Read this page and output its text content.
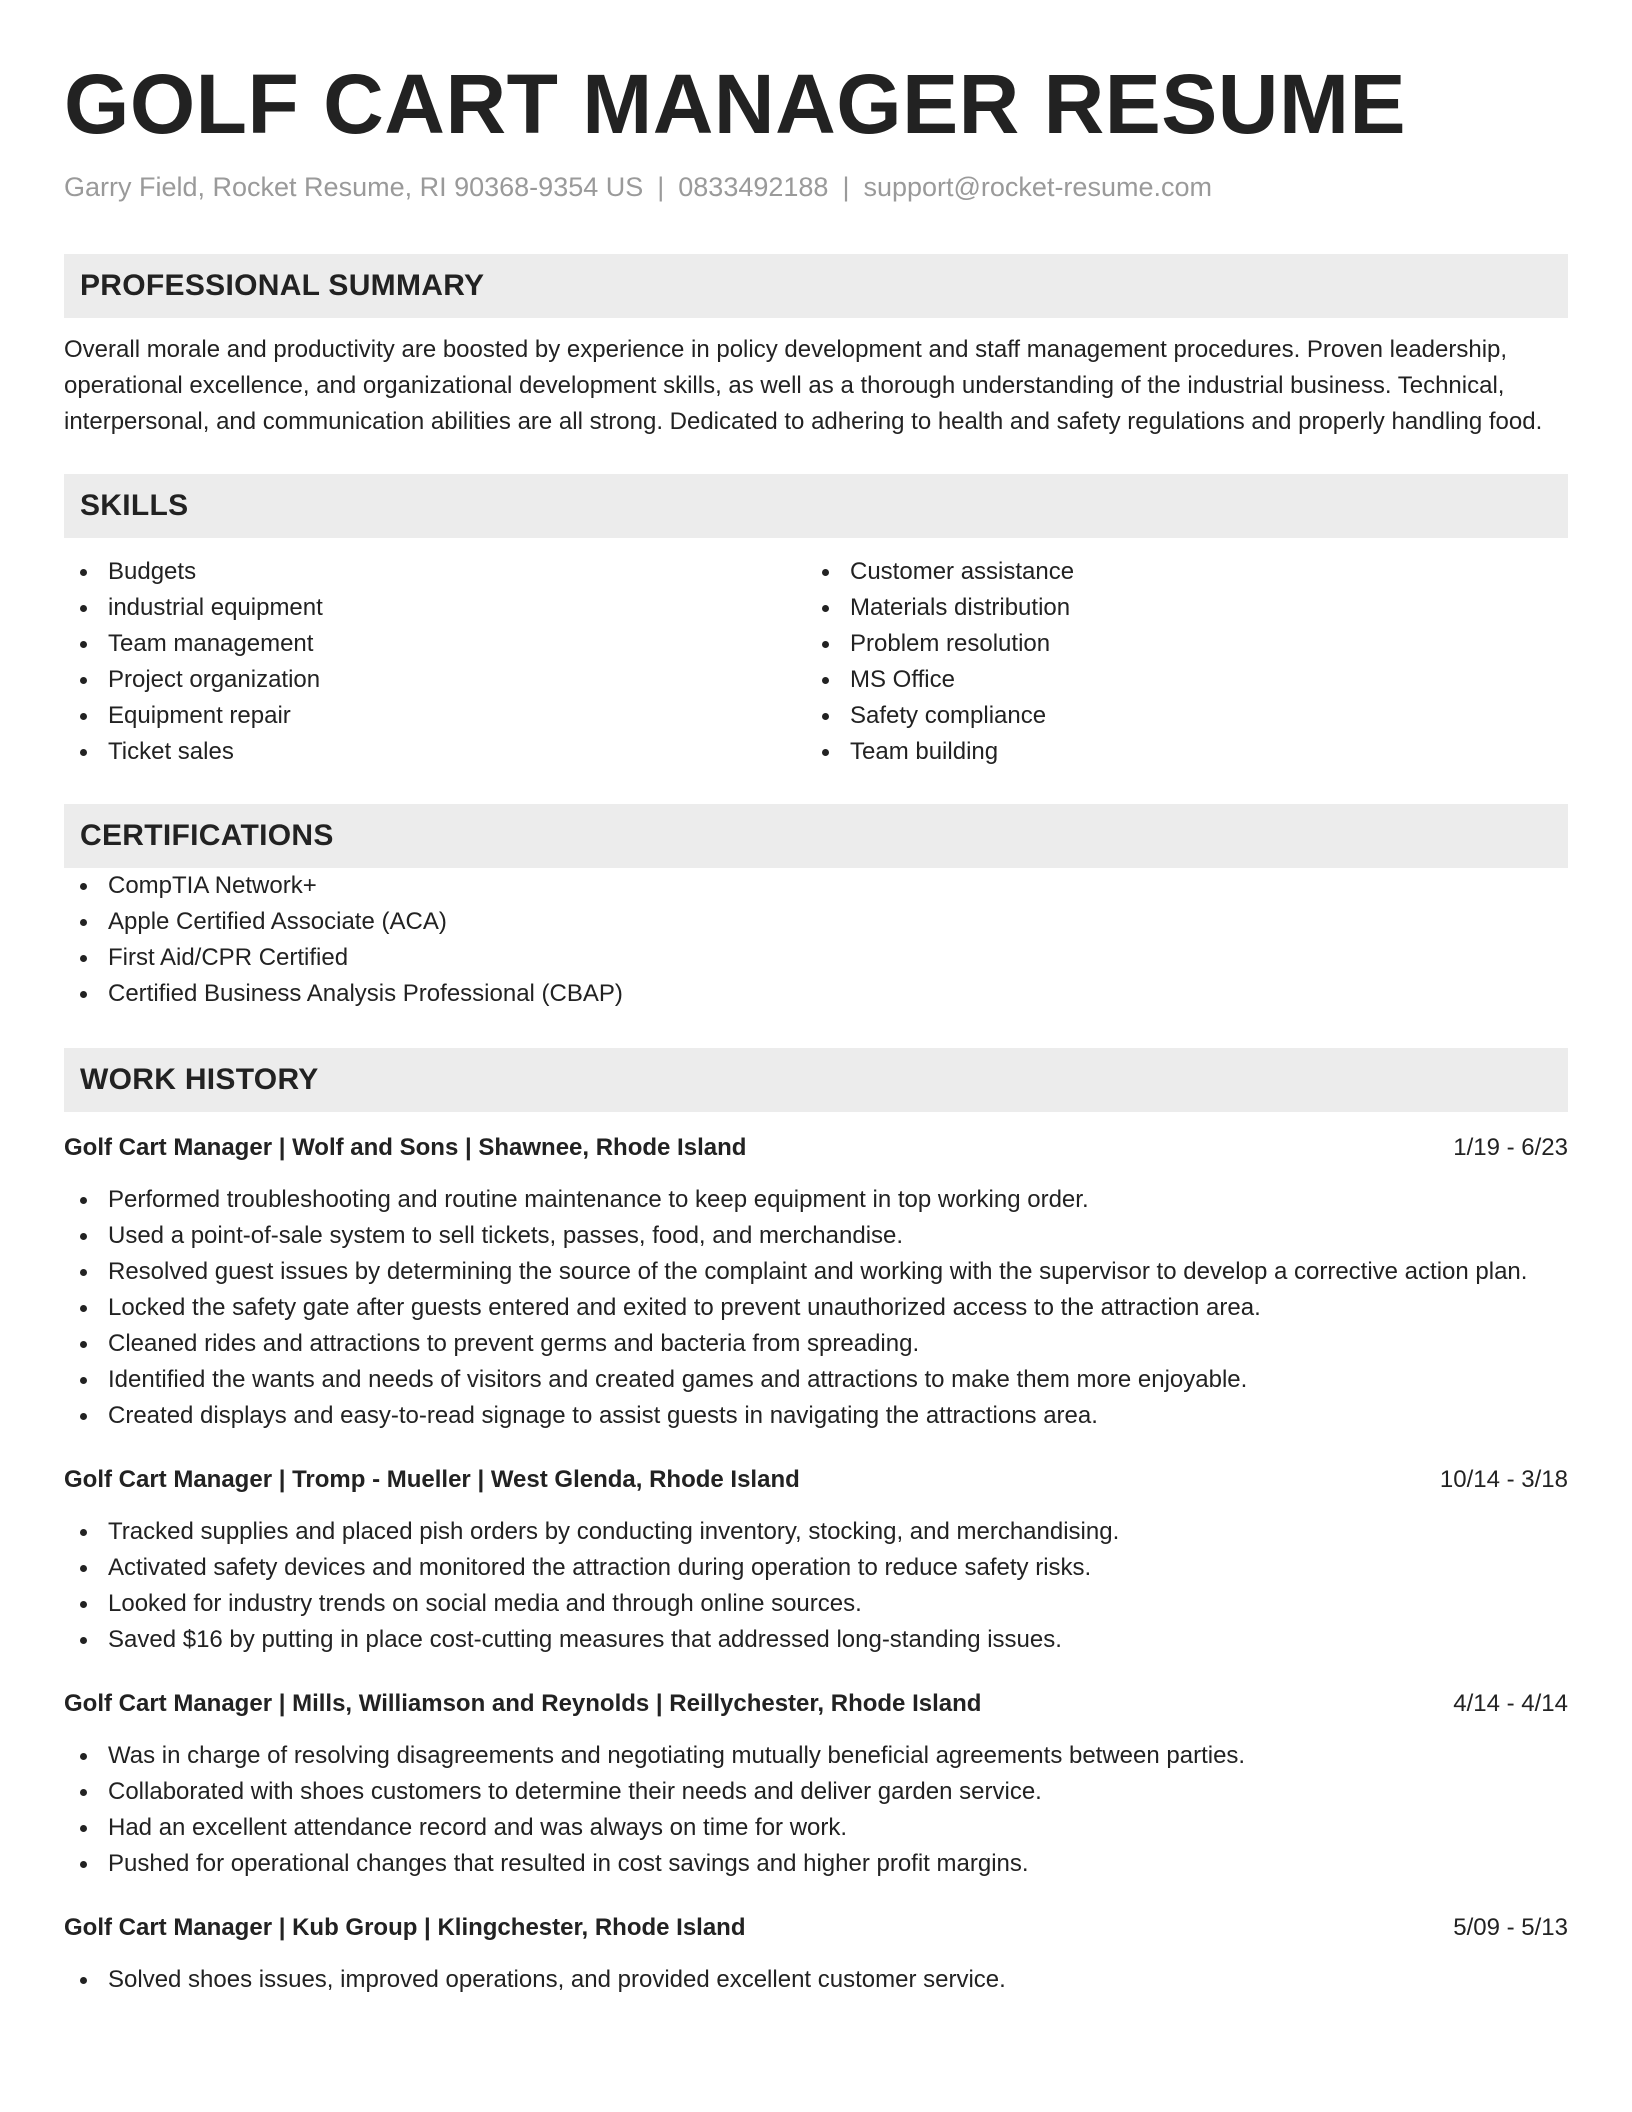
GOLF CART MANAGER RESUME
Garry Field, Rocket Resume, RI 90368-9354 US | 0833492188 | support@rocket-resume.com
PROFESSIONAL SUMMARY
Overall morale and productivity are boosted by experience in policy development and staff management procedures. Proven leadership, operational excellence, and organizational development skills, as well as a thorough understanding of the industrial business. Technical, interpersonal, and communication abilities are all strong. Dedicated to adhering to health and safety regulations and properly handling food.
SKILLS
Budgets
industrial equipment
Team management
Project organization
Equipment repair
Ticket sales
Customer assistance
Materials distribution
Problem resolution
MS Office
Safety compliance
Team building
CERTIFICATIONS
CompTIA Network+
Apple Certified Associate (ACA)
First Aid/CPR Certified
Certified Business Analysis Professional (CBAP)
WORK HISTORY
Golf Cart Manager | Wolf and Sons | Shawnee, Rhode Island	1/19 - 6/23
Performed troubleshooting and routine maintenance to keep equipment in top working order.
Used a point-of-sale system to sell tickets, passes, food, and merchandise.
Resolved guest issues by determining the source of the complaint and working with the supervisor to develop a corrective action plan.
Locked the safety gate after guests entered and exited to prevent unauthorized access to the attraction area.
Cleaned rides and attractions to prevent germs and bacteria from spreading.
Identified the wants and needs of visitors and created games and attractions to make them more enjoyable.
Created displays and easy-to-read signage to assist guests in navigating the attractions area.
Golf Cart Manager | Tromp - Mueller | West Glenda, Rhode Island	10/14 - 3/18
Tracked supplies and placed pish orders by conducting inventory, stocking, and merchandising.
Activated safety devices and monitored the attraction during operation to reduce safety risks.
Looked for industry trends on social media and through online sources.
Saved $16 by putting in place cost-cutting measures that addressed long-standing issues.
Golf Cart Manager | Mills, Williamson and Reynolds | Reillychester, Rhode Island	4/14 - 4/14
Was in charge of resolving disagreements and negotiating mutually beneficial agreements between parties.
Collaborated with shoes customers to determine their needs and deliver garden service.
Had an excellent attendance record and was always on time for work.
Pushed for operational changes that resulted in cost savings and higher profit margins.
Golf Cart Manager | Kub Group | Klingchester, Rhode Island	5/09 - 5/13
Solved shoes issues, improved operations, and provided excellent customer service.
